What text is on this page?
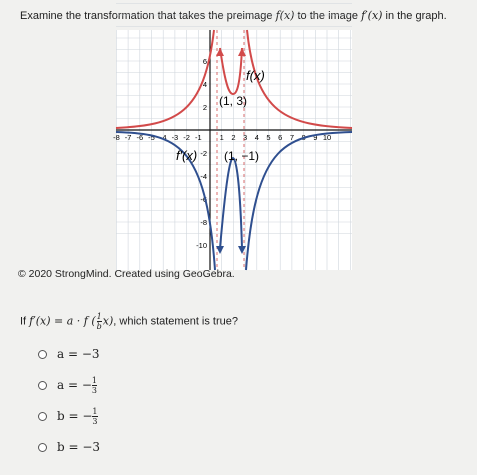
Examine the transformation that takes the preimage f(x) to the image f′(x) in the graph.
-8 -7 -6 -5 -4 -3 -2 -1 1 2 3 4 5 6 7 8 9 10
6
4
2
-2
-4
-6
-8
-10
f(x)
(1, 3)
f′(x) (1, −1)
© 2020 StrongMind. Created using GeoGebra.
If f′(x) = a · f ( $\frac{1}{b} x$), which statement is true?
a = −3
a = − $\frac{1}{3}$
b = − $\frac{1}{3}$
b = −3
